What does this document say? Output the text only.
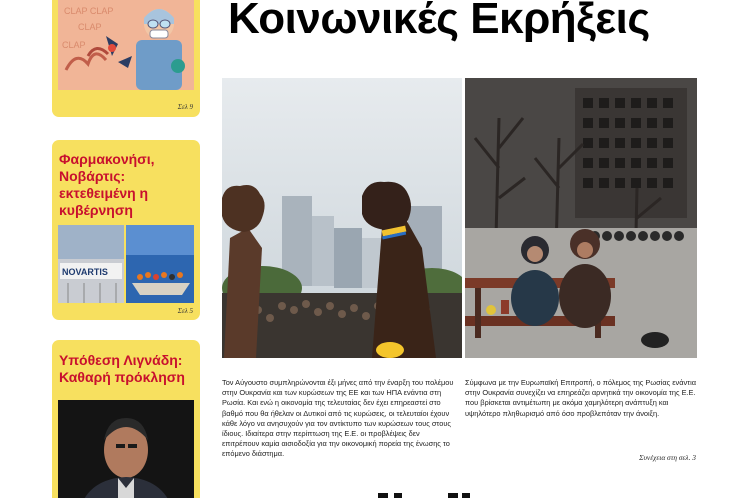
CLAP CLAP
CLAP
CLAP
Σελ 9
Φαρμακονήσι, Νοβάρτις: εκτεθειμένη η κυβέρνηση
NOVARTIS
Σελ 5
Υπόθεση Λιγνάδη: Καθαρή πρόκληση
Κοινωνικές Εκρήξεις
Τον Αύγουστο συμπληρώνονται έξι μήνες από την έναρξη του πολέμου στην Ουκρανία και των κυρώσεων της ΕΕ και των ΗΠΑ ενάντια στη Ρωσία. Και ενώ η οικονομία της τελευταίας δεν έχει επηρεαστεί στο βαθμό που θα ήθελαν οι Δυτικοί από τις κυρώσεις, οι τελευταίοι έχουν κάθε λόγο να ανησυχούν για τον αντίκτυπο των κυρώσεων τους στους ίδιους. Ιδιαίτερα στην περίπτωση της Ε.Ε. οι προβλέψεις δεν επιτρέπουν καμία αισιοδοξία για την οικονομική πορεία της ένωσης το επόμενο διάστημα.
Σύμφωνα με την Ευρωπαϊκή Επιτροπή, ο πόλεμος της Ρωσίας ενάντια στην Ουκρανία συνεχίζει να επηρεάζει αρνητικά την οικονομία της Ε.Ε. που βρίσκεται αντιμέτωπη με ακόμα χαμηλότερη ανάπτυξη και υψηλότερο πληθωρισμό από όσο προβλεπόταν την άνοιξη.
Συνέχεια στη σελ. 3
